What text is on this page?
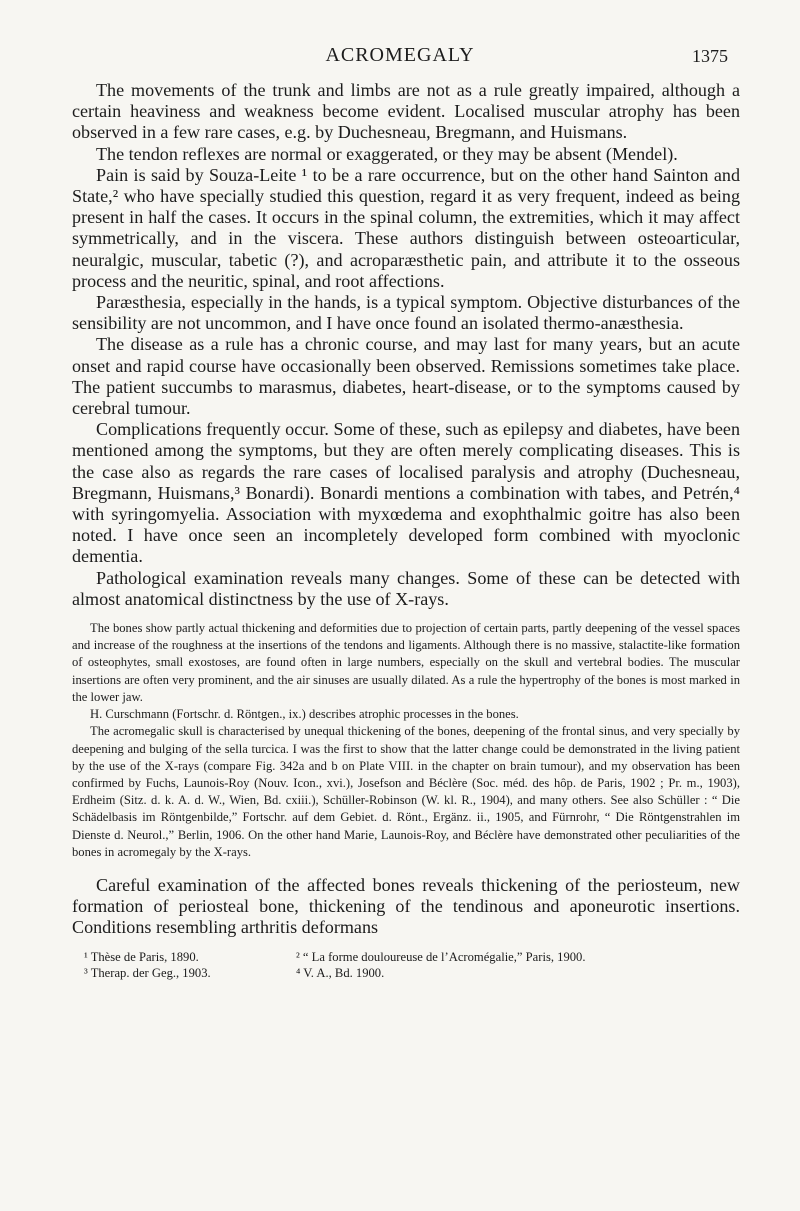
ACROMEGALY	1375

The movements of the trunk and limbs are not as a rule greatly impaired, although a certain heaviness and weakness become evident. Localised muscular atrophy has been observed in a few rare cases, e.g. by Duchesneau, Bregmann, and Huismans.

The tendon reflexes are normal or exaggerated, or they may be absent (Mendel).

Pain is said by Souza-Leite ¹ to be a rare occurrence, but on the other hand Sainton and State,² who have specially studied this question, regard it as very frequent, indeed as being present in half the cases. It occurs in the spinal column, the extremities, which it may affect symmetrically, and in the viscera. These authors distinguish between osteoarticular, neuralgic, muscular, tabetic (?), and acroparæsthetic pain, and attribute it to the osseous process and the neuritic, spinal, and root affections.

Paræsthesia, especially in the hands, is a typical symptom. Objective disturbances of the sensibility are not uncommon, and I have once found an isolated thermo-anæsthesia.

The disease as a rule has a chronic course, and may last for many years, but an acute onset and rapid course have occasionally been observed. Remissions sometimes take place. The patient succumbs to marasmus, diabetes, heart-disease, or to the symptoms caused by cerebral tumour.

Complications frequently occur. Some of these, such as epilepsy and diabetes, have been mentioned among the symptoms, but they are often merely complicating diseases. This is the case also as regards the rare cases of localised paralysis and atrophy (Duchesneau, Bregmann, Huismans,³ Bonardi). Bonardi mentions a combination with tabes, and Petrén,⁴ with syringomyelia. Association with myxœdema and exophthalmic goitre has also been noted. I have once seen an incompletely developed form combined with myoclonic dementia.

Pathological examination reveals many changes. Some of these can be detected with almost anatomical distinctness by the use of X-rays.

The bones show partly actual thickening and deformities due to projection of certain parts, partly deepening of the vessel spaces and increase of the roughness at the insertions of the tendons and ligaments. Although there is no massive, stalactite-like formation of osteophytes, small exostoses, are found often in large numbers, especially on the skull and vertebral bodies. The muscular insertions are often very prominent, and the air sinuses are usually dilated. As a rule the hypertrophy of the bones is most marked in the lower jaw.

H. Curschmann (Fortschr. d. Röntgen., ix.) describes atrophic processes in the bones.

The acromegalic skull is characterised by unequal thickening of the bones, deepening of the frontal sinus, and very specially by deepening and bulging of the sella turcica. I was the first to show that the latter change could be demonstrated in the living patient by the use of the X-rays (compare Fig. 342a and b on Plate VIII. in the chapter on brain tumour), and my observation has been confirmed by Fuchs, Launois-Roy (Nouv. Icon., xvi.), Josefson and Béclère (Soc. méd. des hôp. de Paris, 1902 ; Pr. m., 1903), Erdheim (Sitz. d. k. A. d. W., Wien, Bd. cxiii.), Schüller-Robinson (W. kl. R., 1904), and many others. See also Schüller : “ Die Schädelbasis im Röntgenbilde,” Fortschr. auf dem Gebiet. d. Rönt., Ergänz. ii., 1905, and Fürnrohr, “ Die Röntgenstrahlen im Dienste d. Neurol.,” Berlin, 1906. On the other hand Marie, Launois-Roy, and Béclère have demonstrated other peculiarities of the bones in acromegaly by the X-rays.

Careful examination of the affected bones reveals thickening of the periosteum, new formation of periosteal bone, thickening of the tendinous and aponeurotic insertions. Conditions resembling arthritis deformans

¹ Thèse de Paris, 1890.	² “ La forme douloureuse de l’Acromégalie,” Paris, 1900.
³ Therap. der Geg., 1903.	⁴ V. A., Bd. 1900.
